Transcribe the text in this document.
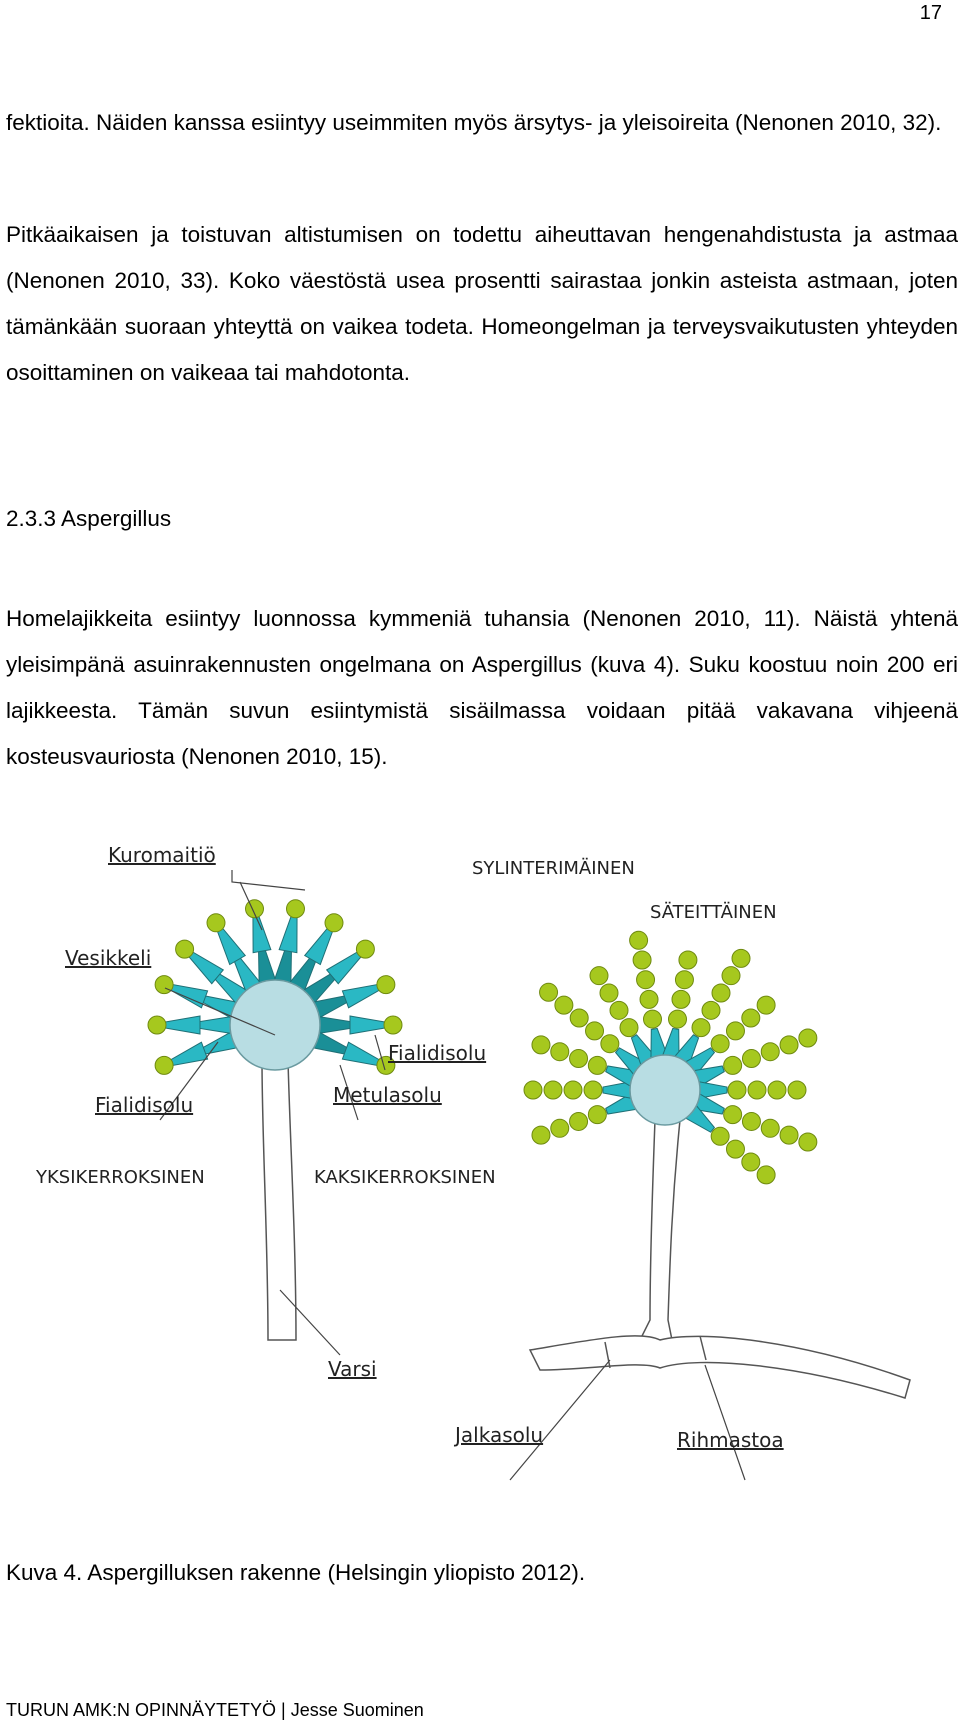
17

fektioita. Näiden kanssa esiintyy useimmiten myös ärsytys- ja yleisoireita (Nenonen 2010, 32).

Pitkäaikaisen ja toistuvan altistumisen on todettu aiheuttavan hengenahdistusta ja astmaa (Nenonen 2010, 33). Koko väestöstä usea prosentti sairastaa jonkin asteista astmaan, joten tämänkään suoraan yhteyttä on vaikea todeta. Homeongelman ja terveysvaikutusten yhteyden osoittaminen on vaikeaa tai mahdotonta.

2.3.3 Aspergillus

Homelajikkeita esiintyy luonnossa kymmeniä tuhansia (Nenonen 2010, 11). Näistä yhtenä yleisimpänä asuinrakennusten ongelmana on Aspergillus (kuva 4). Suku koostuu noin 200 eri lajikkeesta. Tämän suvun esiintymistä sisäilmassa voidaan pitää vakavana vihjeenä kosteusvauriosta (Nenonen 2010, 15).

Kuromaitiö
Vesikkeli
Fialidisolu
Fialidisolu	Metulasolu
YKSIKERROKSINEN	KAKSIKERROKSINEN
Varsi
SYLINTERIMÄINEN
SÄTEITTÄINEN
Jalkasolu	Rihmastoa

Kuva 4. Aspergilluksen rakenne (Helsingin yliopisto 2012).

TURUN AMK:N OPINNÄYTETYÖ | Jesse Suominen
